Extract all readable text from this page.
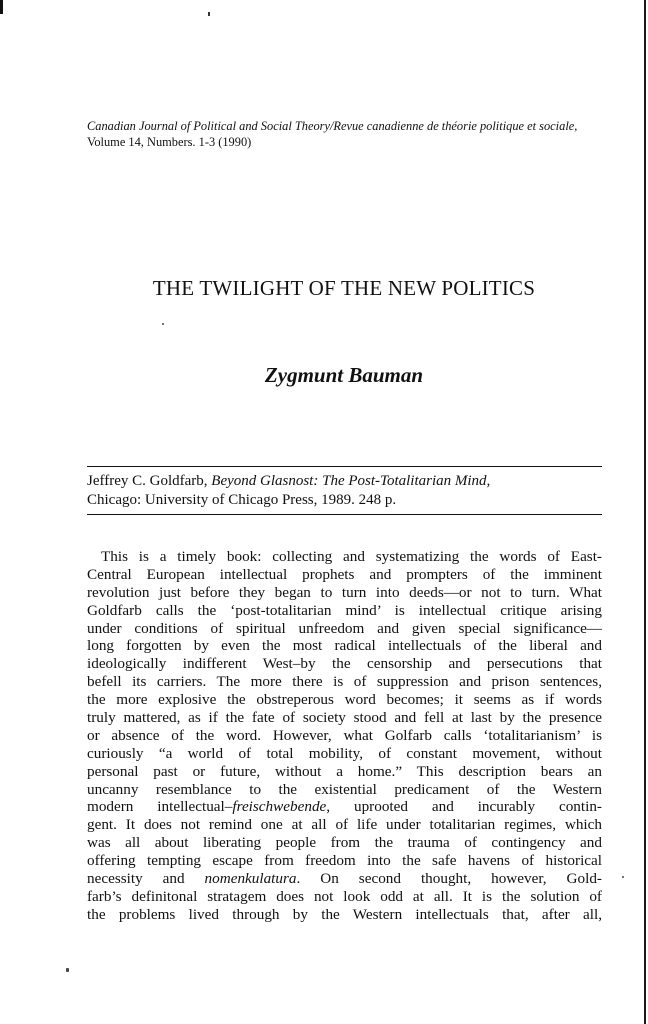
Canadian Journal of Political and Social Theory/Revue canadienne de théorie politique et sociale, Volume 14, Numbers. 1-3 (1990)

THE TWILIGHT OF THE NEW POLITICS
Zygmunt Bauman

Jeffrey C. Goldfarb, Beyond Glasnost: The Post-Totalitarian Mind,
Chicago: University of Chicago Press, 1989. 248 p.

This is a timely book: collecting and systematizing the words of East-
Central European intellectual prophets and prompters of the imminent
revolution just before they began to turn into deeds—or not to turn. What
Goldfarb calls the ‘post-totalitarian mind’ is intellectual critique arising
under conditions of spiritual unfreedom and given special significance—
long forgotten by even the most radical intellectuals of the liberal and
ideologically indifferent West–by the censorship and persecutions that
befell its carriers. The more there is of suppression and prison sentences,
the more explosive the obstreperous word becomes; it seems as if words
truly mattered, as if the fate of society stood and fell at last by the presence
or absence of the word. However, what Golfarb calls ‘totalitarianism’ is
curiously “a world of total mobility, of constant movement, without
personal past or future, without a home.” This description bears an
uncanny resemblance to the existential predicament of the Western
modern intellectual–freischwebende, uprooted and incurably contin-
gent. It does not remind one at all of life under totalitarian regimes, which
was all about liberating people from the trauma of contingency and
offering tempting escape from freedom into the safe havens of historical
necessity and nomenkulatura. On second thought, however, Gold-
farb’s definitonal stratagem does not look odd at all. It is the solution of
the problems lived through by the Western intellectuals that, after all,
